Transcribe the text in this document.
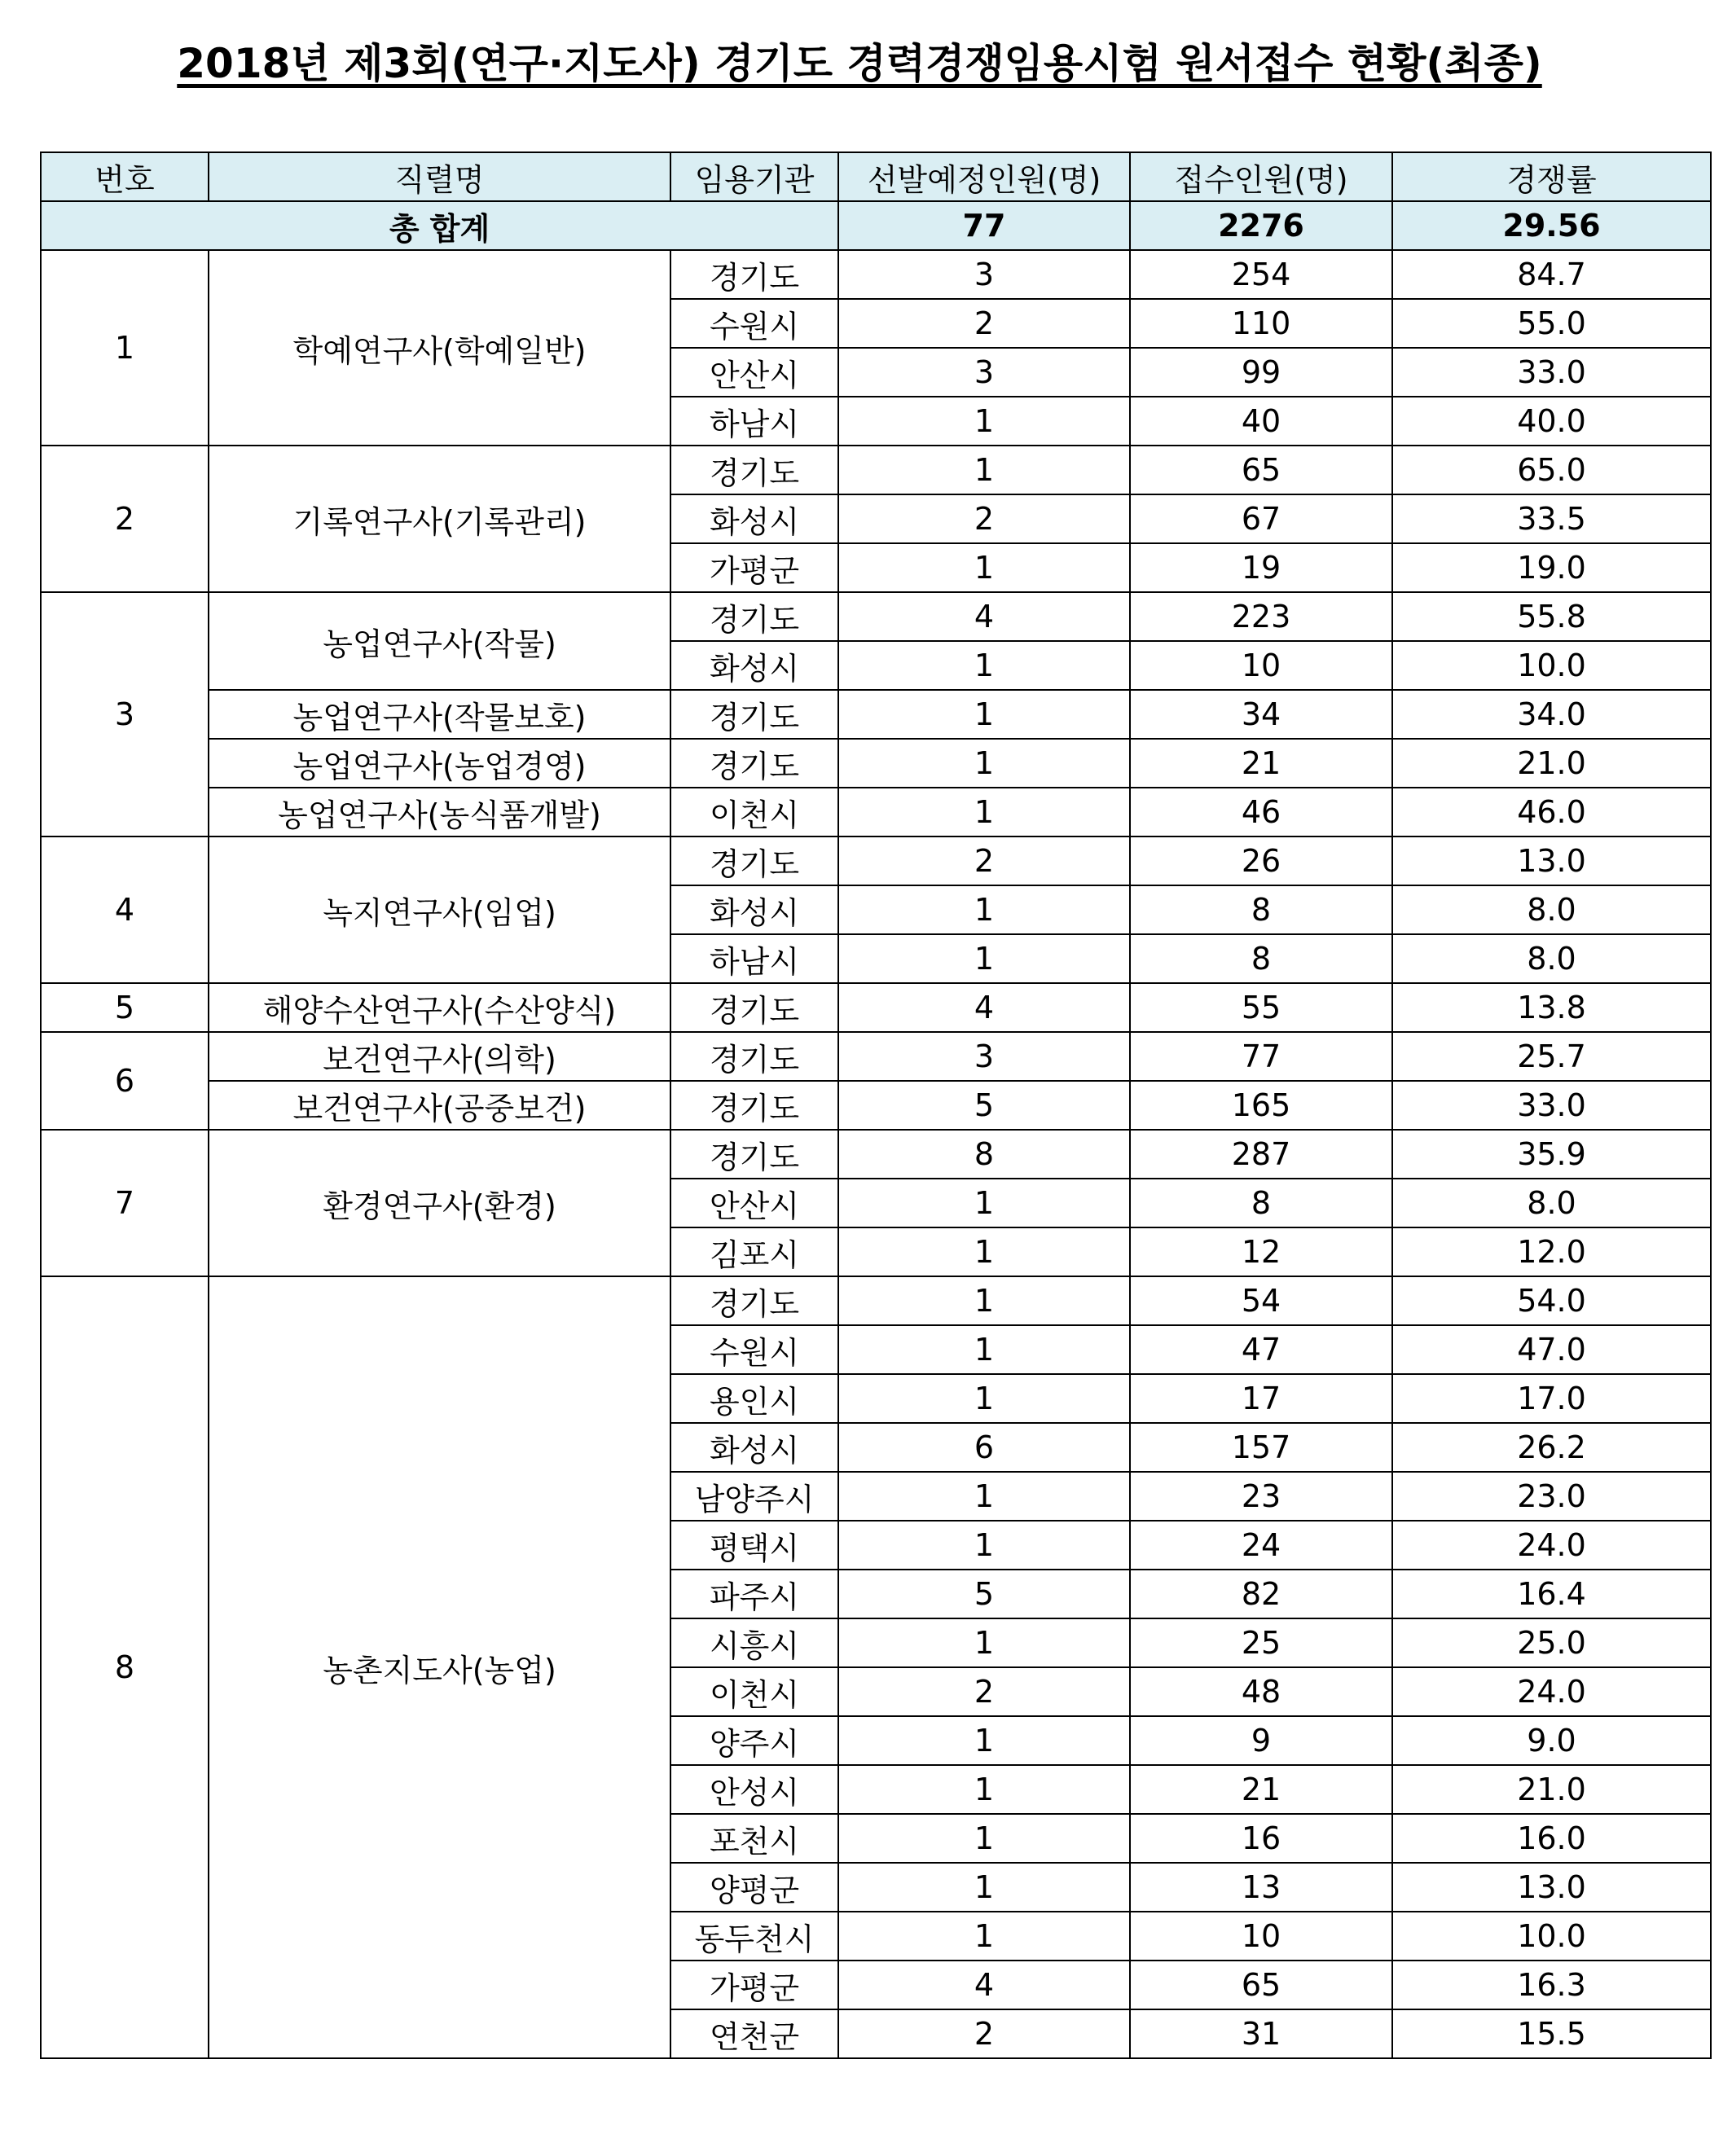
2018년 제3회(연구·지도사) 경기도 경력경쟁임용시험 원서접수 현황(최종)
번호	직렬명	임용기관	선발예정인원(명)	접수인원(명)	경쟁률
총 합계			77	2276	29.56
1	학예연구사(학예일반)	경기도	3	254	84.7
		수원시	2	110	55.0
		안산시	3	99	33.0
		하남시	1	40	40.0
2	기록연구사(기록관리)	경기도	1	65	65.0
		화성시	2	67	33.5
		가평군	1	19	19.0
3	농업연구사(작물)	경기도	4	223	55.8
		화성시	1	10	10.0
	농업연구사(작물보호)	경기도	1	34	34.0
	농업연구사(농업경영)	경기도	1	21	21.0
	농업연구사(농식품개발)	이천시	1	46	46.0
4	녹지연구사(임업)	경기도	2	26	13.0
		화성시	1	8	8.0
		하남시	1	8	8.0
5	해양수산연구사(수산양식)	경기도	4	55	13.8
6	보건연구사(의학)	경기도	3	77	25.7
	보건연구사(공중보건)	경기도	5	165	33.0
7	환경연구사(환경)	경기도	8	287	35.9
		안산시	1	8	8.0
		김포시	1	12	12.0
8	농촌지도사(농업)	경기도	1	54	54.0
		수원시	1	47	47.0
		용인시	1	17	17.0
		화성시	6	157	26.2
		남양주시	1	23	23.0
		평택시	1	24	24.0
		파주시	5	82	16.4
		시흥시	1	25	25.0
		이천시	2	48	24.0
		양주시	1	9	9.0
		안성시	1	21	21.0
		포천시	1	16	16.0
		양평군	1	13	13.0
		동두천시	1	10	10.0
		가평군	4	65	16.3
		연천군	2	31	15.5
